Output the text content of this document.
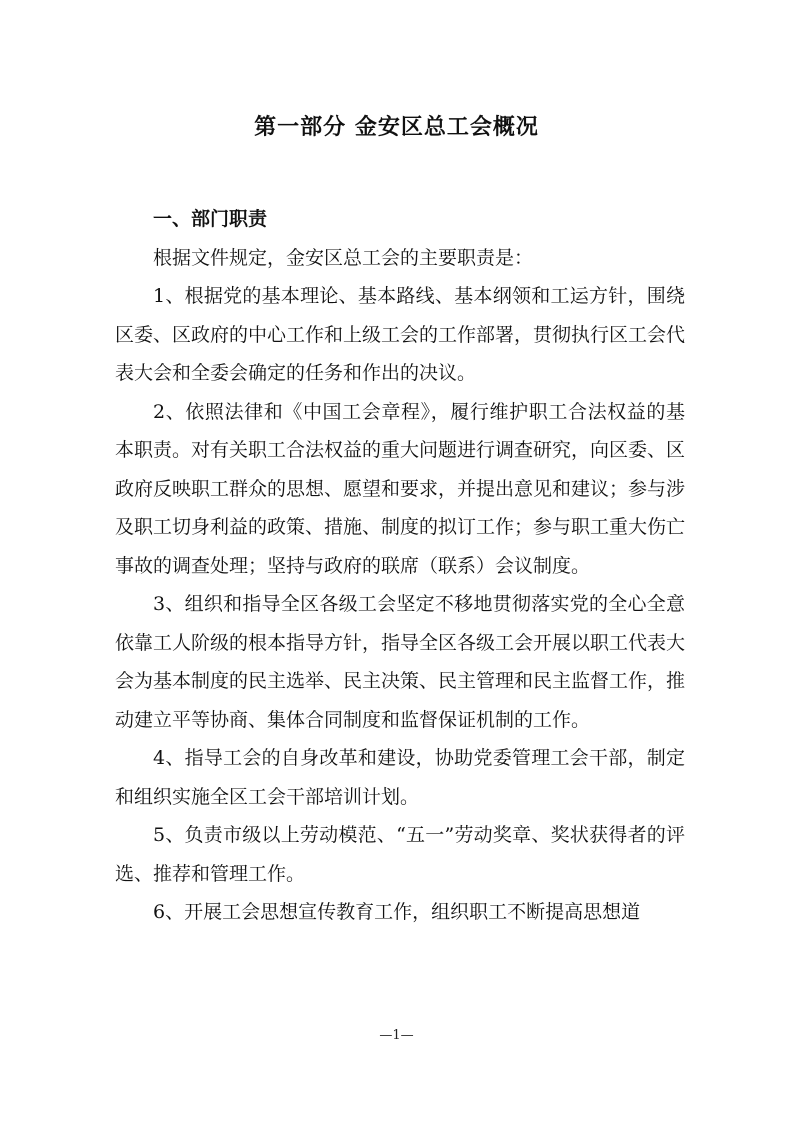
第一部分 金安区总工会概况
一、部门职责

根据文件规定，金安区总工会的主要职责是：

1、根据党的基本理论、基本路线、基本纲领和工运方针，围绕区委、区政府的中心工作和上级工会的工作部署，贯彻执行区工会代表大会和全委会确定的任务和作出的决议。

2、依照法律和《中国工会章程》，履行维护职工合法权益的基本职责。对有关职工合法权益的重大问题进行调查研究，向区委、区政府反映职工群众的思想、愿望和要求，并提出意见和建议；参与涉及职工切身利益的政策、措施、制度的拟订工作；参与职工重大伤亡事故的调查处理；坚持与政府的联席（联系）会议制度。

3、组织和指导全区各级工会坚定不移地贯彻落实党的全心全意依靠工人阶级的根本指导方针，指导全区各级工会开展以职工代表大会为基本制度的民主选举、民主决策、民主管理和民主监督工作，推动建立平等协商、集体合同制度和监督保证机制的工作。

4、指导工会的自身改革和建设，协助党委管理工会干部，制定和组织实施全区工会干部培训计划。

5、负责市级以上劳动模范、“五一”劳动奖章、奖状获得者的评选、推荐和管理工作。

6、开展工会思想宣传教育工作，组织职工不断提高思想道

—1—
